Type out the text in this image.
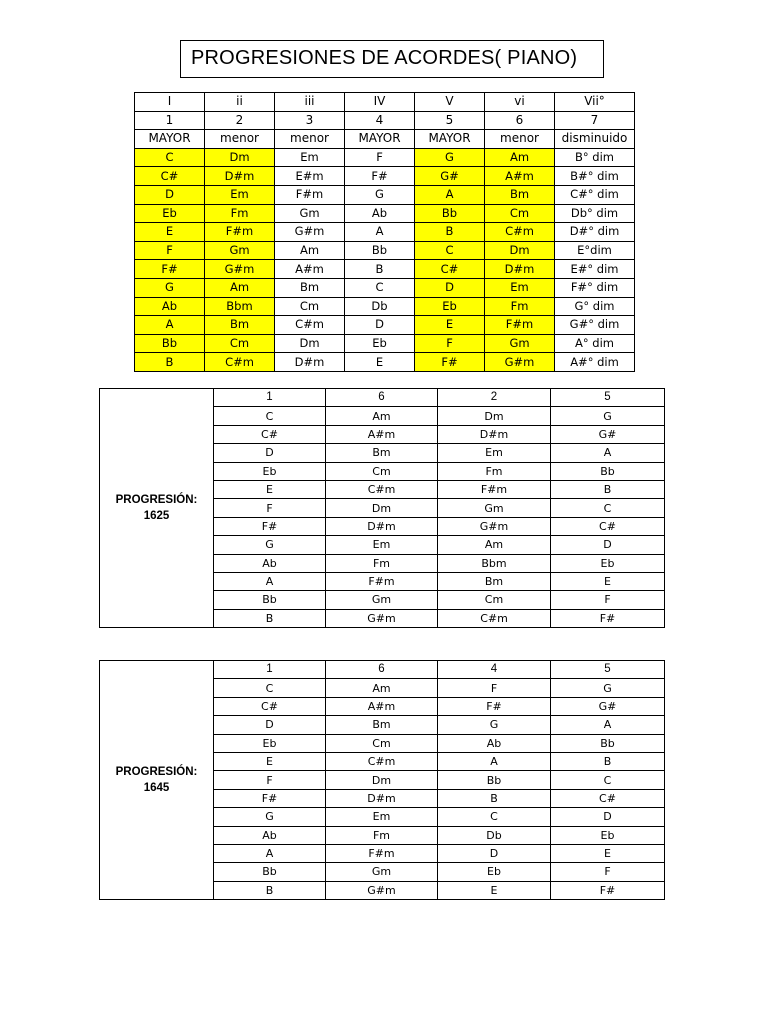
PROGRESIONES DE ACORDES( PIANO)
I	ii	iii	IV	V	vi	Vii°
1	2	3	4	5	6	7
MAYOR	menor	menor	MAYOR	MAYOR	menor	disminuido
C	Dm	Em	F	G	Am	B° dim
C#	D#m	E#m	F#	G#	A#m	B#° dim
D	Em	F#m	G	A	Bm	C#° dim
Eb	Fm	Gm	Ab	Bb	Cm	Db° dim
E	F#m	G#m	A	B	C#m	D#° dim
F	Gm	Am	Bb	C	Dm	E°dim
F#	G#m	A#m	B	C#	D#m	E#° dim
G	Am	Bm	C	D	Em	F#° dim
Ab	Bbm	Cm	Db	Eb	Fm	G° dim
A	Bm	C#m	D	E	F#m	G#° dim
Bb	Cm	Dm	Eb	F	Gm	A° dim
B	C#m	D#m	E	F#	G#m	A#° dim
PROGRESIÓN:
1625	1	6	2	5
	C	Am	Dm	G
	C#	A#m	D#m	G#
	D	Bm	Em	A
	Eb	Cm	Fm	Bb
	E	C#m	F#m	B
	F	Dm	Gm	C
	F#	D#m	G#m	C#
	G	Em	Am	D
	Ab	Fm	Bbm	Eb
	A	F#m	Bm	E
	Bb	Gm	Cm	F
	B	G#m	C#m	F#
PROGRESIÓN:
1645	1	6	4	5
	C	Am	F	G
	C#	A#m	F#	G#
	D	Bm	G	A
	Eb	Cm	Ab	Bb
	E	C#m	A	B
	F	Dm	Bb	C
	F#	D#m	B	C#
	G	Em	C	D
	Ab	Fm	Db	Eb
	A	F#m	D	E
	Bb	Gm	Eb	F
	B	G#m	E	F#
